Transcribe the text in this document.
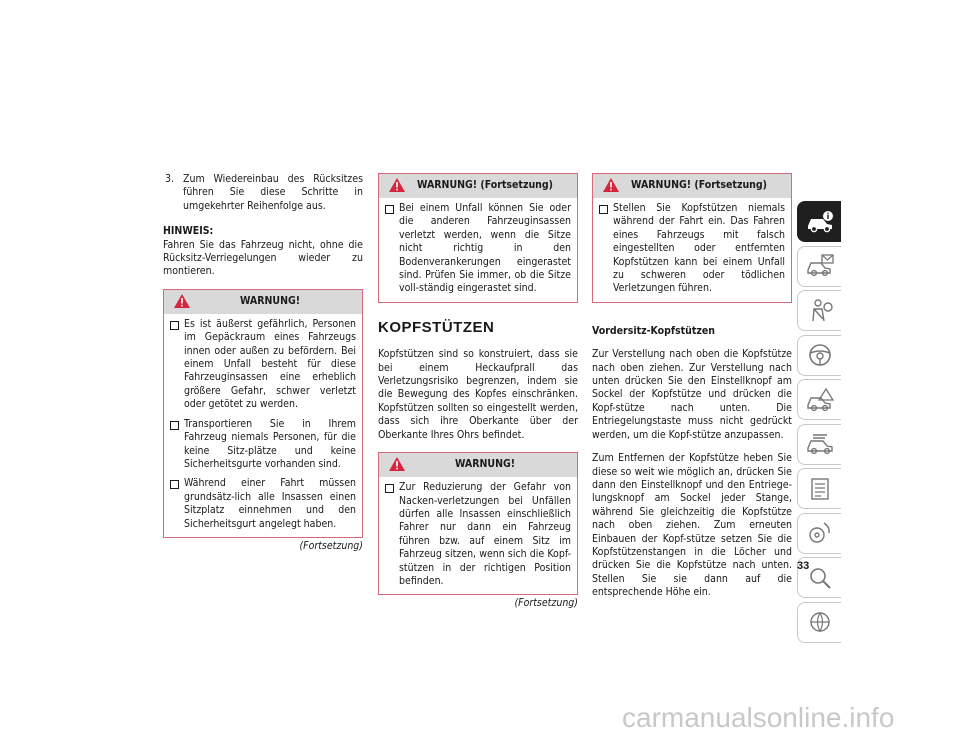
3. Zum Wiedereinbau des Rücksitzes führen Sie diese Schritte in umgekehrter Reihenfolge aus.
HINWEIS:

Fahren Sie das Fahrzeug nicht, ohne die Rücksitz-Verriegelungen wieder zu montieren.

WARNUNG!
Es ist äußerst gefährlich, Personen im Gepäckraum eines Fahrzeugs innen oder außen zu befördern. Bei einem Unfall besteht für diese Fahrzeuginsassen eine erheblich größere Gefahr, schwer verletzt oder getötet zu werden.
Transportieren Sie in Ihrem Fahrzeug niemals Personen, für die keine Sitz-plätze und keine Sicherheitsgurte vorhanden sind.
Während einer Fahrt müssen grundsätz-lich alle Insassen einen Sitzplatz einnehmen und den Sicherheitsgurt angelegt haben.
(Fortsetzung)
WARNUNG! (Fortsetzung)
Bei einem Unfall können Sie oder die anderen Fahrzeuginsassen verletzt werden, wenn die Sitze nicht richtig in den Bodenverankerungen eingerastet sind. Prüfen Sie immer, ob die Sitze voll-ständig eingerastet sind.
KOPFSTÜTZEN

Kopfstützen sind so konstruiert, dass sie bei einem Heckaufprall das Verletzungsrisiko begrenzen, indem sie die Bewegung des Kopfes einschränken. Kopfstützen sollten so eingestellt werden, dass sich ihre Oberkante über der Oberkante Ihres Ohrs befindet.

WARNUNG!
Zur Reduzierung der Gefahr von Nacken-verletzungen bei Unfällen dürfen alle Insassen einschließlich Fahrer nur dann ein Fahrzeug führen bzw. auf einem Sitz im Fahrzeug sitzen, wenn sich die Kopf-stützen in der richtigen Position befinden.
(Fortsetzung)
WARNUNG! (Fortsetzung)
Stellen Sie Kopfstützen niemals während der Fahrt ein. Das Fahren eines Fahrzeugs mit falsch eingestellten oder entfernten Kopfstützen kann bei einem Unfall zu schweren oder tödlichen Verletzungen führen.
Vordersitz-Kopfstützen

Zur Verstellung nach oben die Kopfstütze nach oben ziehen. Zur Verstellung nach unten drücken Sie den Einstellknopf am Sockel der Kopfstütze und drücken die Kopf-stütze nach unten. Die Entriegelungstaste muss nicht gedrückt werden, um die Kopf-stütze anzupassen.

Zum Entfernen der Kopfstütze heben Sie diese so weit wie möglich an, drücken Sie dann den Einstellknopf und den Entriege-lungsknopf am Sockel jeder Stange, während Sie gleichzeitig die Kopfstütze nach oben ziehen. Zum erneuten Einbauen der Kopf-stütze setzen Sie die Kopfstützenstangen in die Löcher und drücken Sie die Kopfstütze nach unten. Stellen Sie sie dann auf die entsprechende Höhe ein.

33
carmanualsonline.info
